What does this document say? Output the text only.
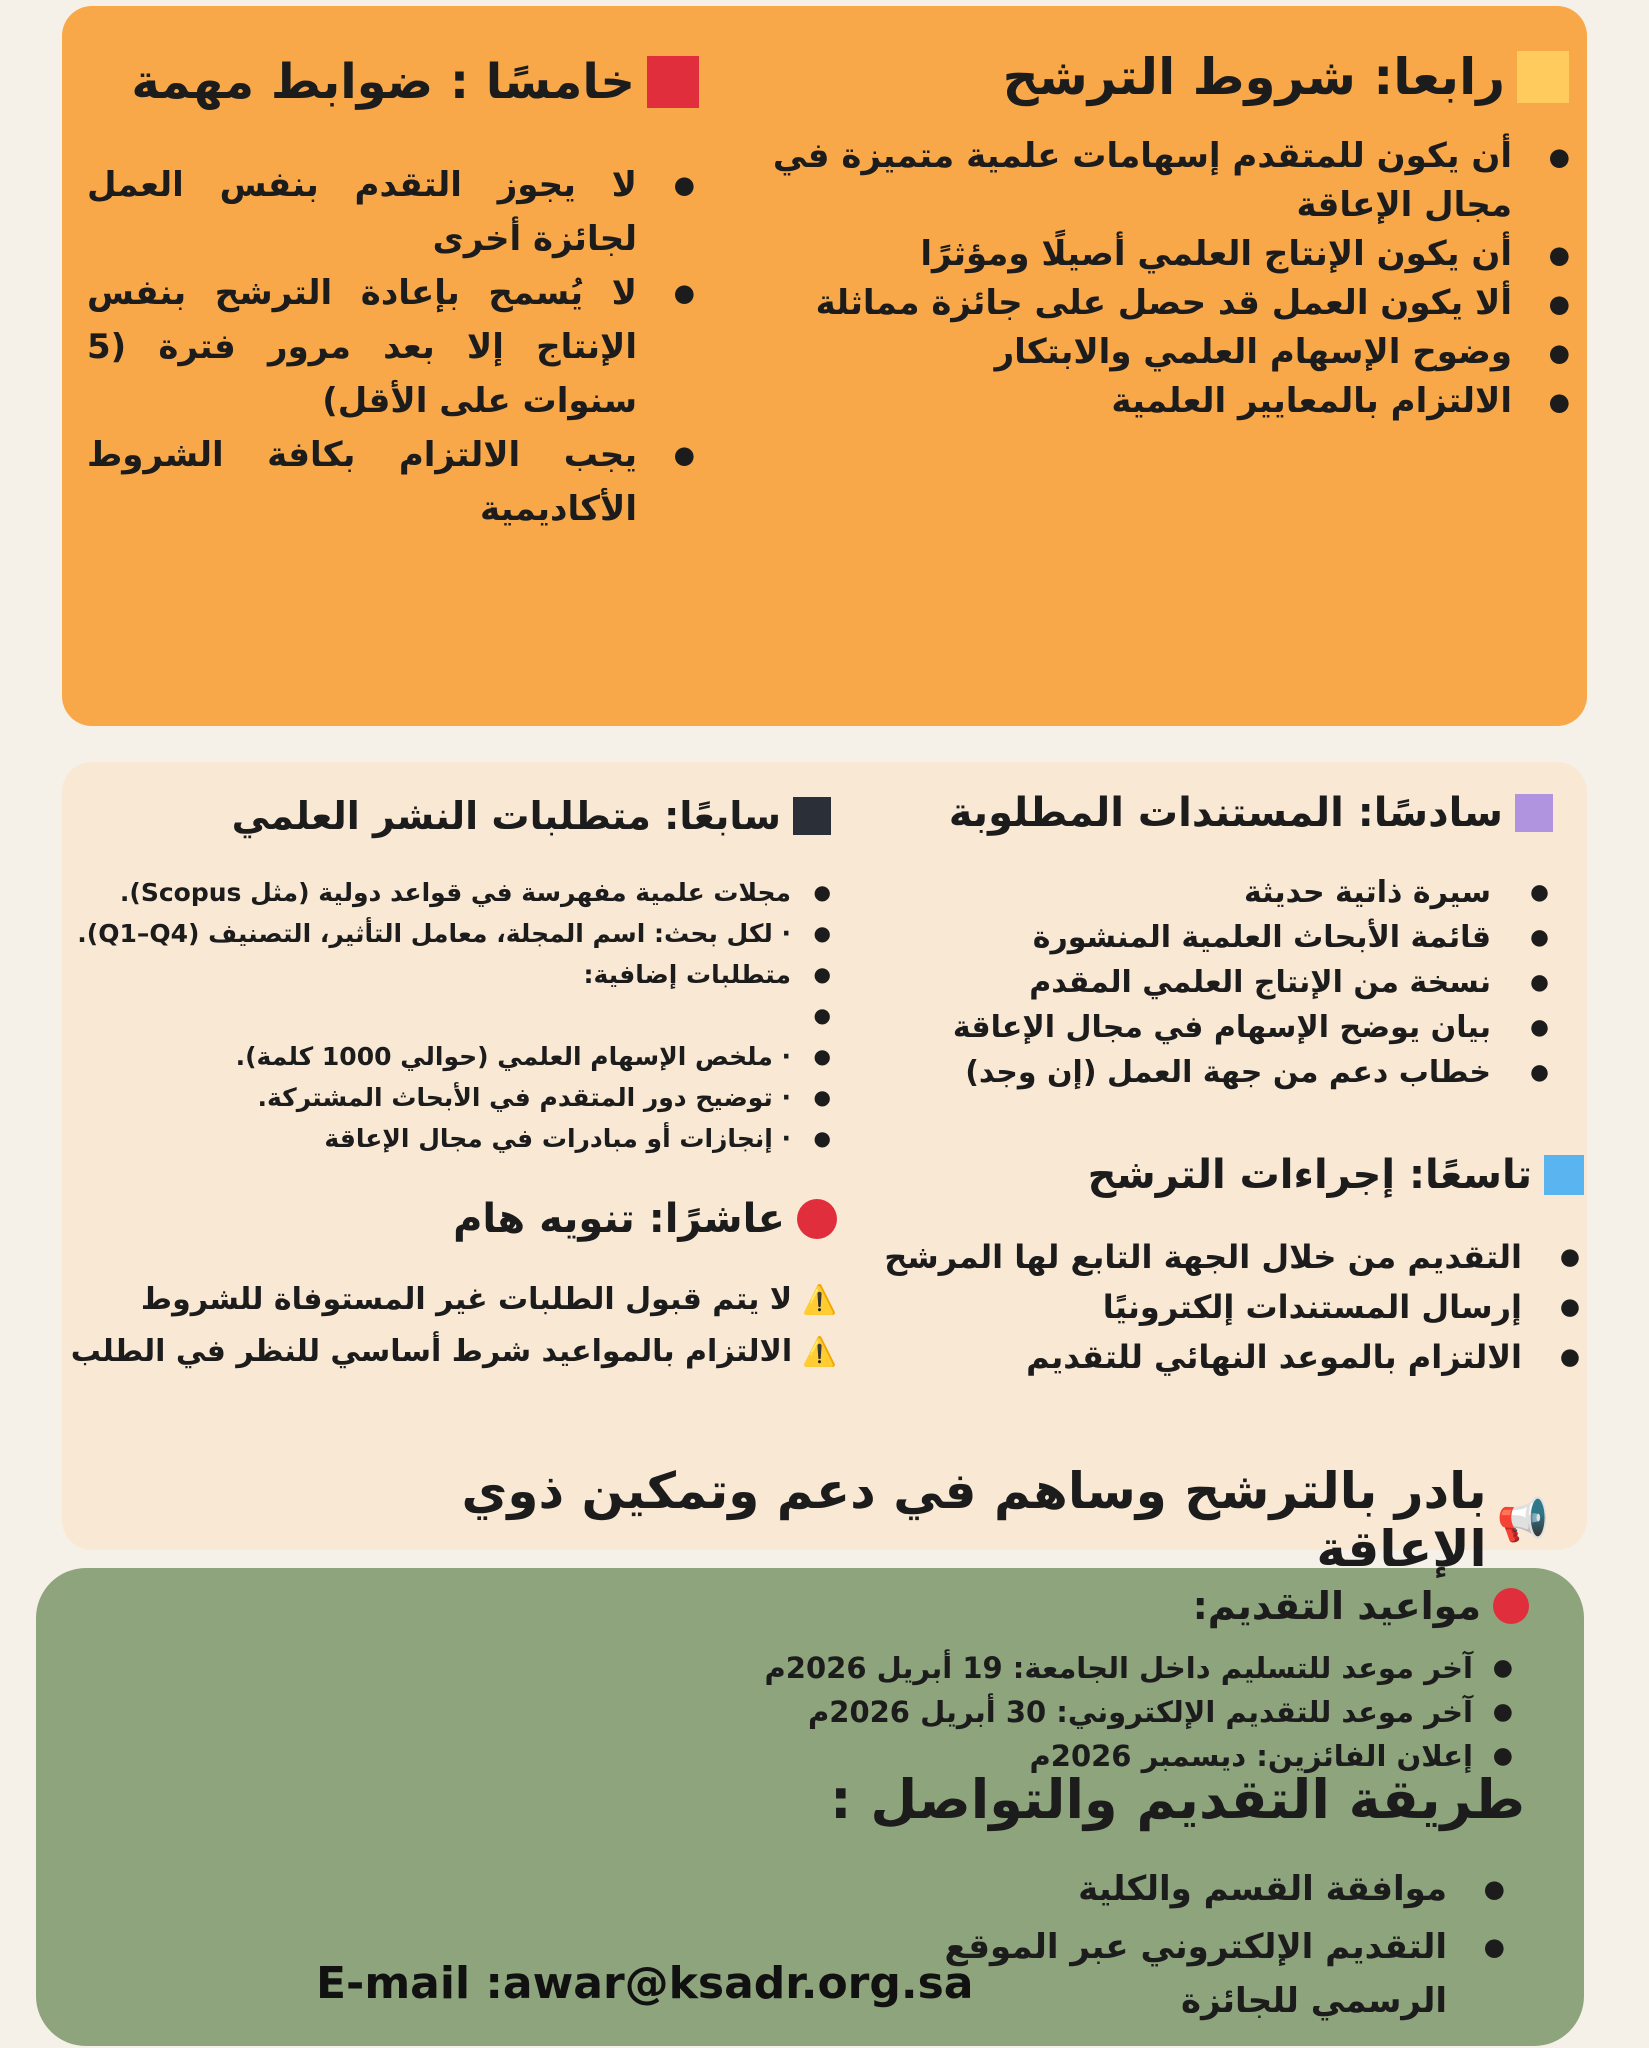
رابعا: شروط الترشح
● أن يكون للمتقدم إسهامات علمية متميزة في مجال الإعاقة
● أن يكون الإنتاج العلمي أصيلًا ومؤثرًا
● ألا يكون العمل قد حصل على جائزة مماثلة
● وضوح الإسهام العلمي والابتكار
● الالتزام بالمعايير العلمية
خامسًا : ضوابط مهمة
● لا يجوز التقدم بنفس العمل لجائزة أخرى
● لا يُسمح بإعادة الترشح بنفس الإنتاج إلا بعد مرور فترة (5 سنوات على الأقل)
● يجب الالتزام بكافة الشروط الأكاديمية
سادسًا: المستندات المطلوبة
● سيرة ذاتية حديثة
● قائمة الأبحاث العلمية المنشورة
● نسخة من الإنتاج العلمي المقدم
● بيان يوضح الإسهام في مجال الإعاقة
● خطاب دعم من جهة العمل (إن وجد)
سابعًا: متطلبات النشر العلمي
● مجلات علمية مفهرسة في قواعد دولية (مثل Scopus).
● · لكل بحث: اسم المجلة، معامل التأثير، التصنيف (Q1–Q4).
● متطلبات إضافية:
●
● · ملخص الإسهام العلمي (حوالي 1000 كلمة).
● · توضيح دور المتقدم في الأبحاث المشتركة.
● · إنجازات أو مبادرات في مجال الإعاقة
تاسعًا: إجراءات الترشح
● التقديم من خلال الجهة التابع لها المرشح
● إرسال المستندات إلكترونيًا
● الالتزام بالموعد النهائي للتقديم
عاشرًا: تنويه هام
⚠️
لا يتم قبول الطلبات غير المستوفاة للشروط
⚠️
الالتزام بالمواعيد شرط أساسي للنظر في الطلب
📢
بادر بالترشح وساهم في دعم وتمكين ذوي الإعاقة
مواعيد التقديم:
● آخر موعد للتسليم داخل الجامعة: 19 أبريل 2026م
● آخر موعد للتقديم الإلكتروني: 30 أبريل 2026م
● إعلان الفائزين: ديسمبر 2026م
طريقة التقديم والتواصل :
● موافقة القسم والكلية
● التقديم الإلكتروني عبر الموقع الرسمي للجائزة
E-mail :awar@ksadr.org.sa
